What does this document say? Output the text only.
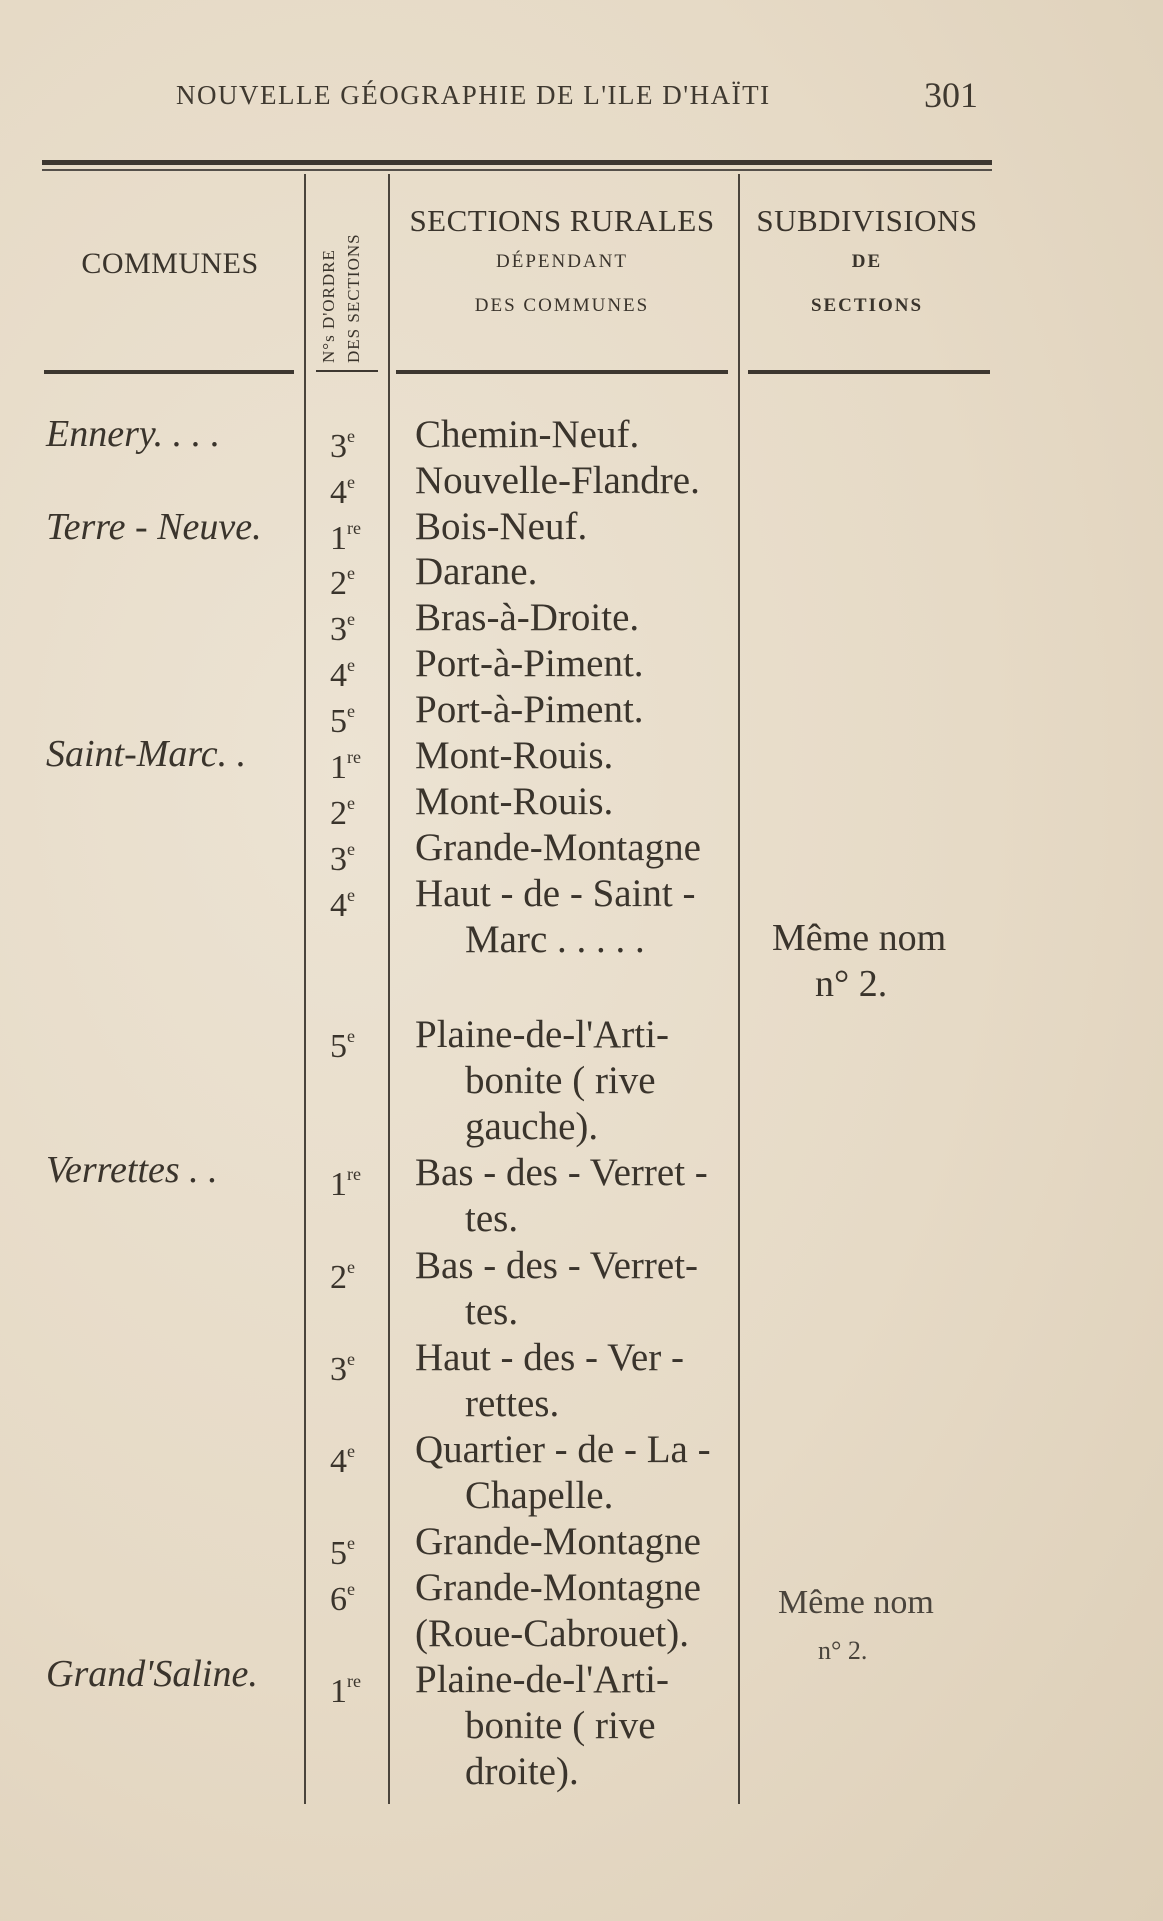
NOUVELLE GÉOGRAPHIE DE L'ILE D'HAÏTI	301
COMMUNES	N°s D'ORDRE DES SECTIONS
SECTIONS RURALES
DÉPENDANT
DES COMMUNES
SUBDIVISIONS
DE
SECTIONS
Ennery. . . .
Terre - Neuve.
Saint-Marc. .
Verrettes . .
Grand'Saline.
3e
4e
1re
2e
3e
4e
5e
1re
2e
3e
4e
5e
1re
2e
3e
4e
5e
6e
1re
Chemin-Neuf.
Nouvelle-Flandre.
Bois-Neuf.
Darane.
Bras-à-Droite.
Port-à-Piment.
Port-à-Piment.
Mont-Rouis.
Mont-Rouis.
Grande-Montagne
Haut - de - Saint -
Marc . . . . .
Plaine-de-l'Arti-
bonite ( rive
gauche).
Bas - des - Verret -
tes.
Bas - des - Verret-
tes.
Haut - des - Ver -
rettes.
Quartier - de - La -
Chapelle.
Grande-Montagne
Grande-Montagne
(Roue-Cabrouet).
Plaine-de-l'Arti-
bonite ( rive
droite).
Même nom
n° 2.
Même nom
n° 2.
